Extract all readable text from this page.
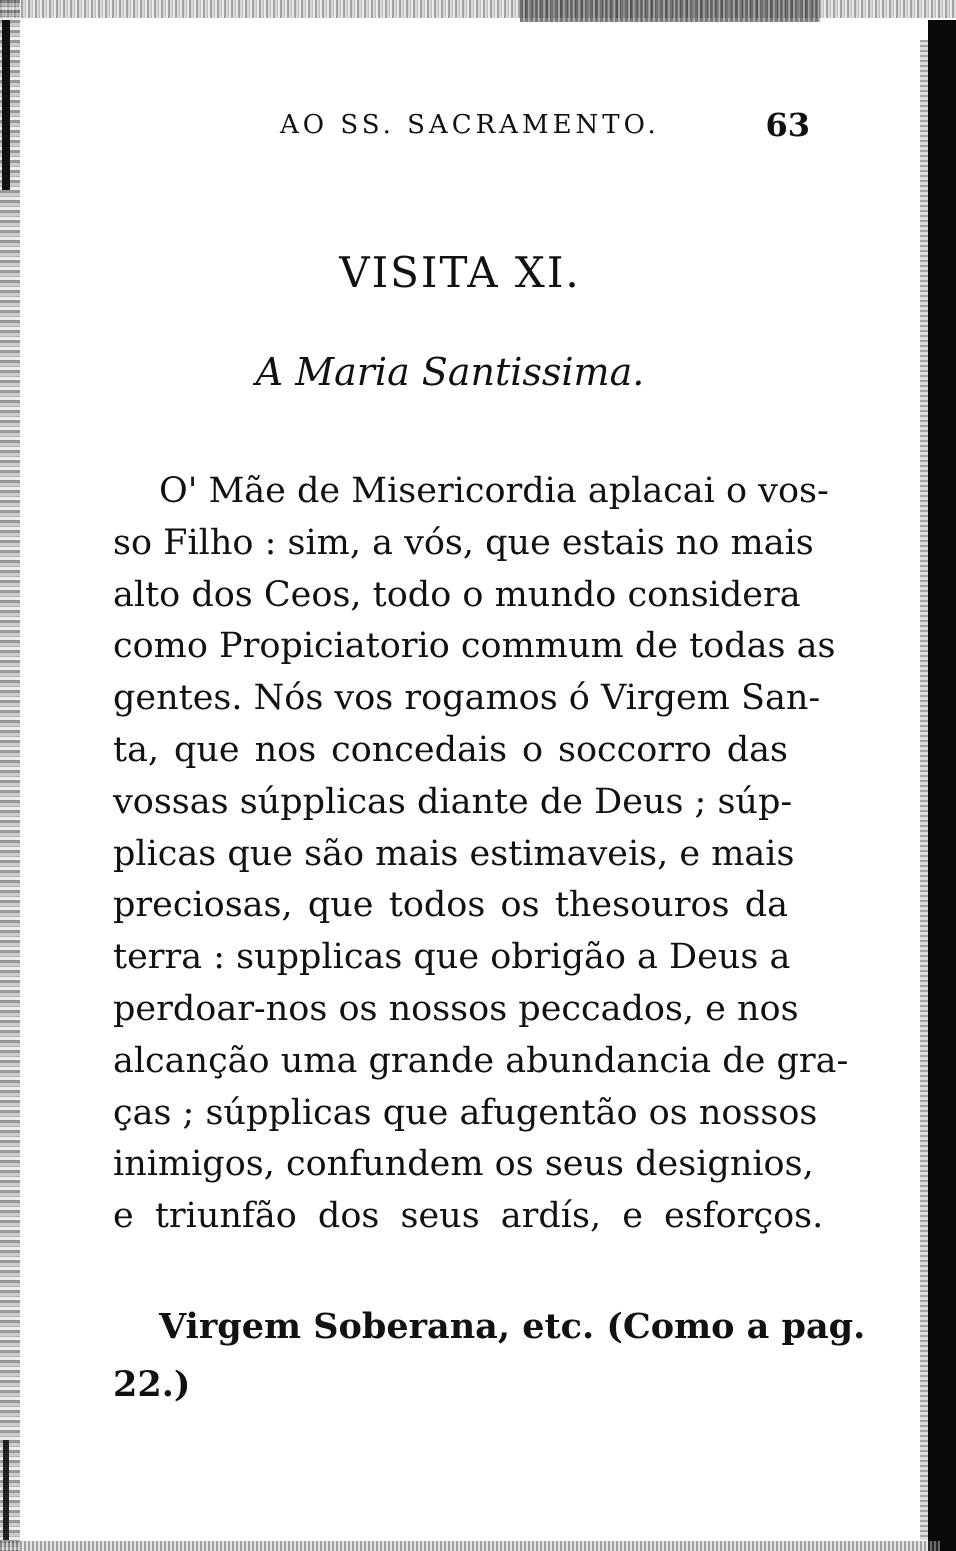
AO SS. SACRAMENTO.	63
VISITA XI.
A Maria Santissima.
O' Mãe de Misericordia aplacai o vos-
so Filho : sim, a vós, que estais no mais
alto dos Ceos, todo o mundo considera
como Propiciatorio commum de todas as
gentes. Nós vos rogamos ó Virgem San-
ta, que nos concedais o soccorro das
vossas súpplicas diante de Deus ; súp-
plicas que são mais estimaveis, e mais
preciosas, que todos os thesouros da
terra : supplicas que obrigão a Deus a
perdoar-nos os nossos peccados, e nos
alcanção uma grande abundancia de gra-
ças ; súpplicas que afugentão os nossos
inimigos, confundem os seus designios,
e triunfão dos seus ardís, e esforços.
Virgem Soberana, etc. (Como a pag.
22.)
